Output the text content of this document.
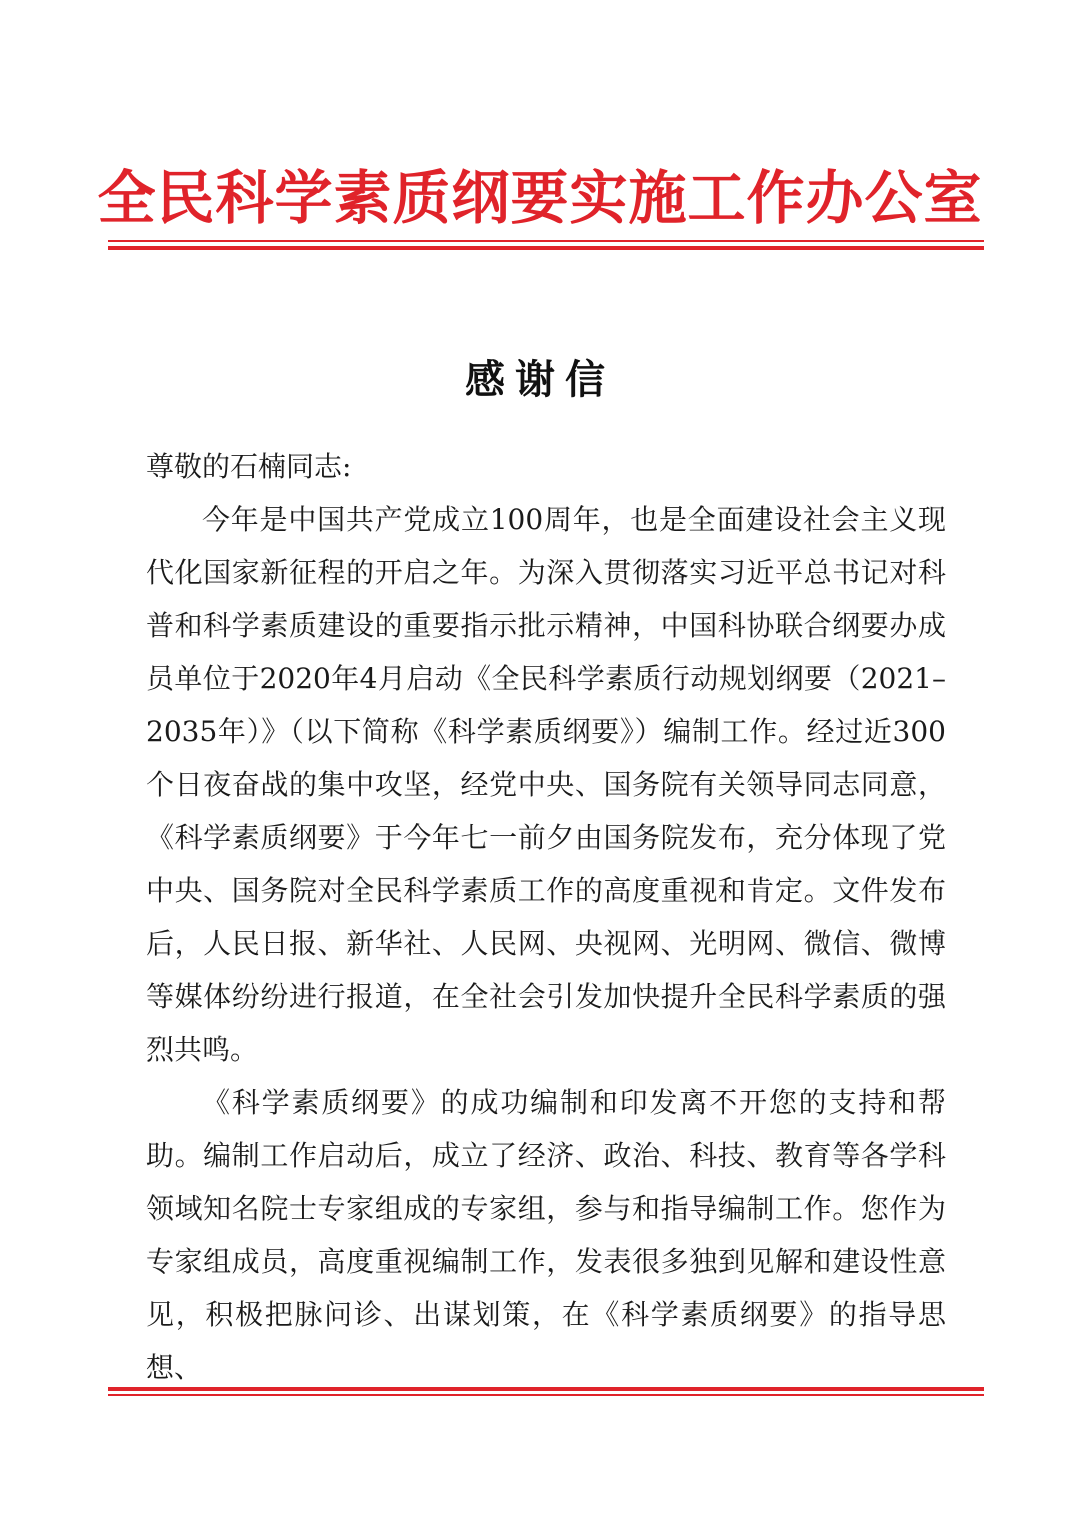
全民科学素质纲要实施工作办公室
感谢信

尊敬的石楠同志:

今年是中国共产党成立100周年，也是全面建设社会主义现代化国家新征程的开启之年。为深入贯彻落实习近平总书记对科普和科学素质建设的重要指示批示精神，中国科协联合纲要办成员单位于2020年4月启动《全民科学素质行动规划纲要（2021–2035年）》（以下简称《科学素质纲要》）编制工作。经过近300个日夜奋战的集中攻坚，经党中央、国务院有关领导同志同意，《科学素质纲要》于今年七一前夕由国务院发布，充分体现了党中央、国务院对全民科学素质工作的高度重视和肯定。文件发布后，人民日报、新华社、人民网、央视网、光明网、微信、微博等媒体纷纷进行报道，在全社会引发加快提升全民科学素质的强烈共鸣。

《科学素质纲要》的成功编制和印发离不开您的支持和帮助。编制工作启动后，成立了经济、政治、科技、教育等各学科领域知名院士专家组成的专家组，参与和指导编制工作。您作为专家组成员，高度重视编制工作，发表很多独到见解和建设性意见，积极把脉问诊、出谋划策，在《科学素质纲要》的指导思想、
